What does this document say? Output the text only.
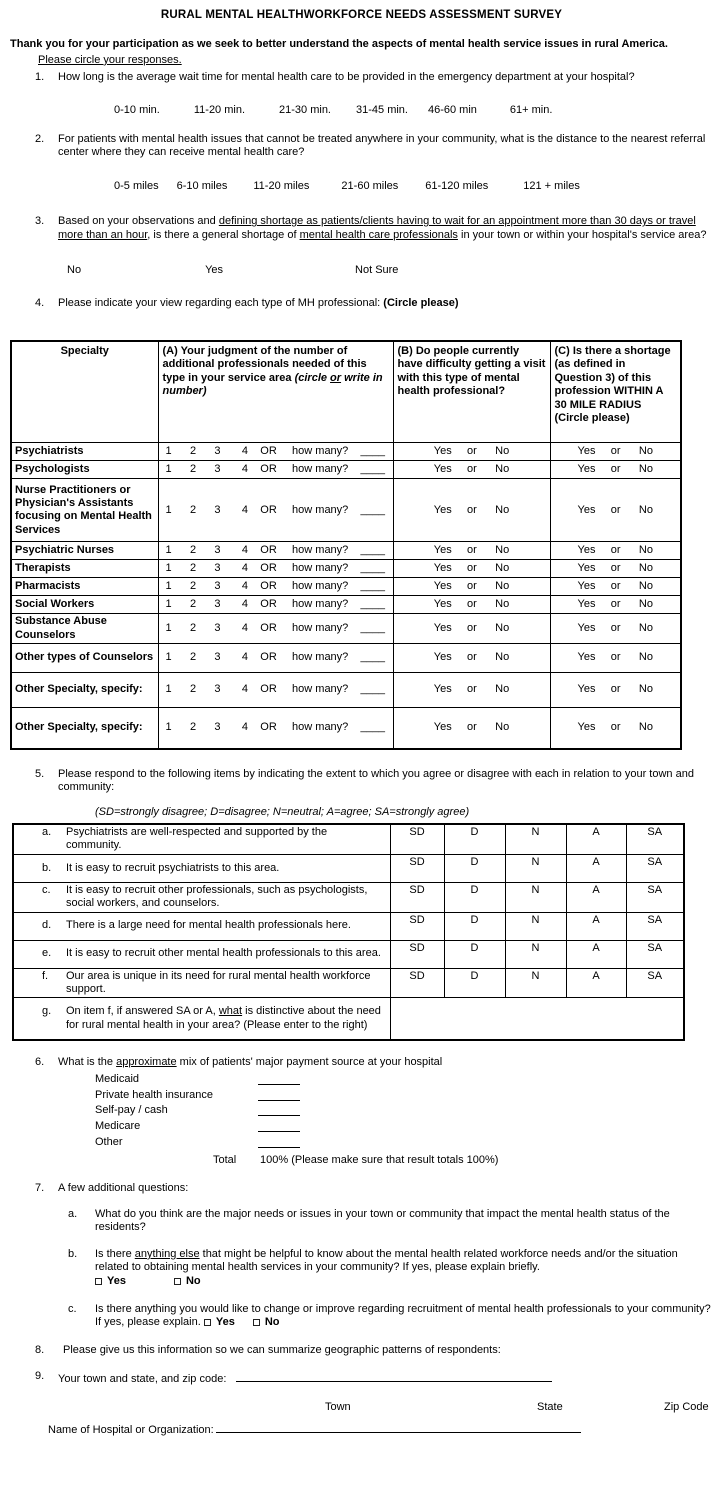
RURAL MENTAL HEALTHWORKFORCE NEEDS ASSESSMENT SURVEY
Thank you for your participation as we seek to better understand the aspects of mental health service issues in rural America.
Please circle your responses.
1.	How long is the average wait time for mental health care to be provided in the emergency department at your hospital?
0-10 min.	11-20 min.	21-30 min. 31-45 min. 46-60 min	61+ min.
2.	For patients with mental health issues that cannot be treated anywhere in your community, what is the distance to the nearest referral center where they can receive mental health care?
0-5 miles 6-10 miles 11-20 miles	21-60 miles 61-120 miles	121 + miles
3.	Based on your observations and defining shortage as patients/clients having to wait for an appointment more than 30 days or travel more than an hour, is there a general shortage of mental health care professionals in your town or within your hospital's service area?
No	Yes	Not Sure
4.	Please indicate your view regarding each type of MH professional: (Circle please)
Specialty	(A) Your judgment of the number of additional professionals needed of this type in your service area (circle or write in number)	(B) Do people currently have difficulty getting a visit with this type of mental health professional?	(C) Is there a shortage (as defined in Question 3) of this profession WITHIN A 30 MILE RADIUS (Circle please)
Psychiatrists	1      2      3       4    OR     how many?    ____	Yes     or      No	Yes     or      No
Psychologists	1      2      3       4    OR     how many?    ____	Yes     or      No	Yes     or      No
Nurse Practitioners or Physician's Assistants focusing on Mental Health Services	1      2      3       4    OR     how many?    ____	Yes     or      No	Yes     or      No
Psychiatric Nurses	1      2      3       4    OR     how many?    ____	Yes     or      No	Yes     or      No
Therapists	1      2      3       4    OR     how many?    ____	Yes     or      No	Yes     or      No
Pharmacists	1      2      3       4    OR     how many?    ____	Yes     or      No	Yes     or      No
Social Workers	1      2      3       4    OR     how many?    ____	Yes     or      No	Yes     or      No
Substance Abuse Counselors	1      2      3       4    OR     how many?    ____	Yes     or      No	Yes     or      No
Other types of Counselors	1      2      3       4    OR     how many?    ____	Yes     or      No	Yes     or      No
Other Specialty, specify:	1      2      3       4    OR     how many?    ____	Yes     or      No	Yes     or      No
Other Specialty, specify:	1      2      3       4    OR     how many?    ____	Yes     or      No	Yes     or      No
5.	Please respond to the following items by indicating the extent to which you agree or disagree with each in relation to your town and community:
(SD=strongly disagree; D=disagree; N=neutral; A=agree; SA=strongly agree)
a. Psychiatrists are well-respected and supported by the community.	SD	D	N	A	SA

b. It is easy to recruit psychiatrists to this area.	SD	D	N	A	SA

c. It is easy to recruit other professionals, such as psychologists, social workers, and counselors.	SD	D	N	A	SA

d. There is a large need for mental health professionals here.	SD	D	N	A	SA

e. It is easy to recruit other mental health professionals to this area.	SD	D	N	A	SA

f. Our area is unique in its need for rural mental health workforce support.	SD	D	N	A	SA

g. On item f, if answered SA or A, what is distinctive about the need for rural mental health in your area? (Please enter to the right)					

6.	What is the approximate mix of patients' major payment source at your hospital
Medicaid
Private health insurance
Self-pay / cash
Medicare
Other
Total	100% (Please make sure that result totals 100%)
7.	A few additional questions:
a.	What do you think are the major needs or issues in your town or community that impact the mental health status of the residents?
b.	Is there anything else that might be helpful to know about the mental health related workforce needs and/or the situation related to obtaining mental health services in your community? If yes, please explain briefly.
Yes	No
c.	Is there anything you would like to change or improve regarding recruitment of mental health professionals to your community? If yes, please explain. Yes	No
8.	Please give us this information so we can summarize geographic patterns of respondents:
9.	Your town and state, and zip code:
Town	State	Zip Code
Name of Hospital or Organization:
